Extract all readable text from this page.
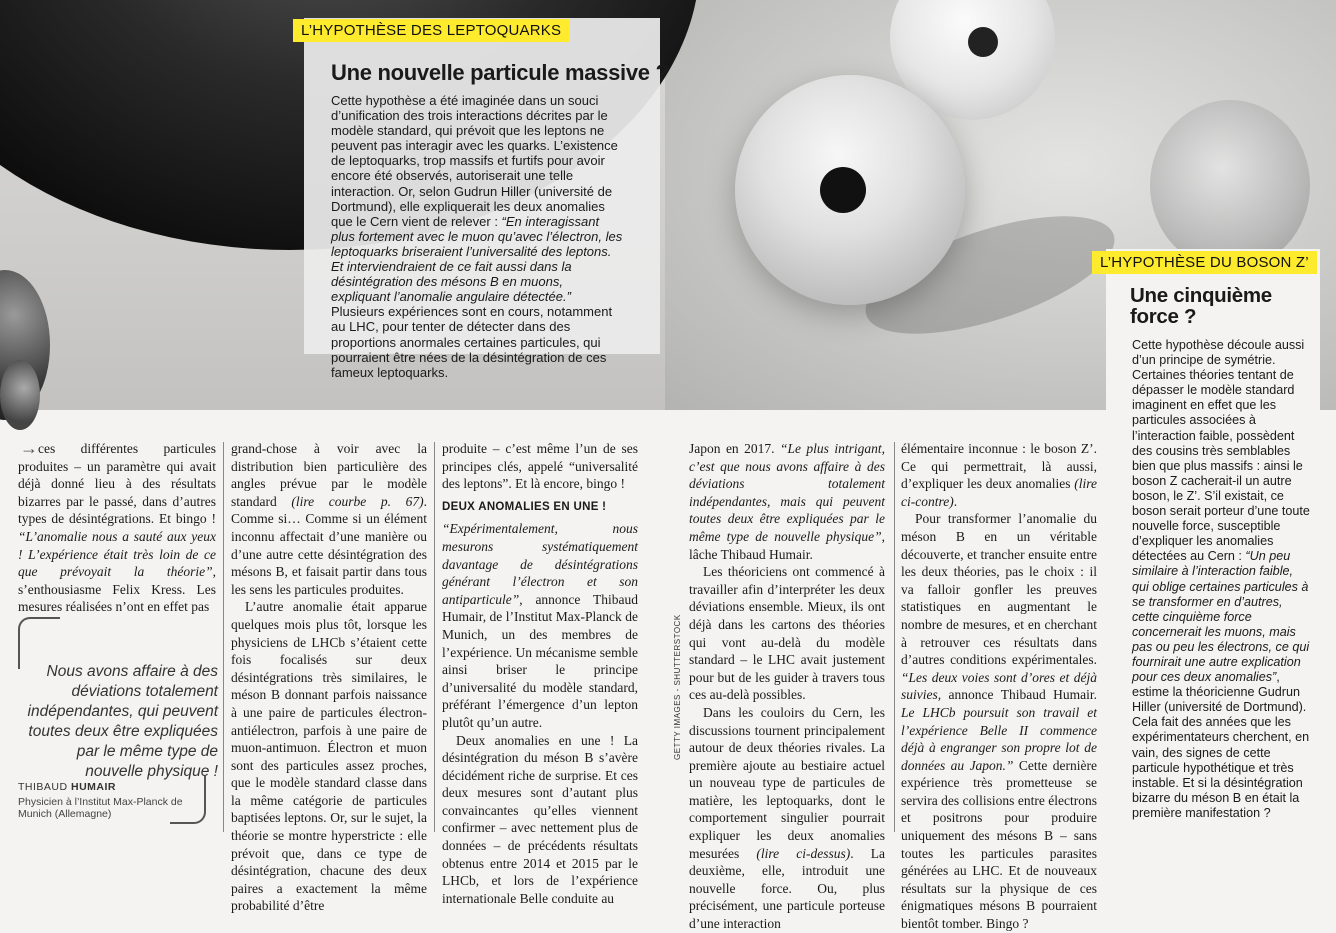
L’HYPOTHÈSE DES LEPTOQUARKS
Une nouvelle particule massive ?

Cette hypothèse a été imaginée dans un souci d’unification des trois interactions décrites par le modèle standard, qui prévoit que les leptons ne peuvent pas interagir avec les quarks. L’existence de leptoquarks, trop massifs et furtifs pour avoir encore été observés, autoriserait une telle interaction. Or, selon Gudrun Hiller (université de Dortmund), elle expliquerait les deux anomalies que le Cern vient de relever : “En interagissant plus fortement avec le muon qu’avec l’électron, les leptoquarks briseraient l’universalité des leptons. Et interviendraient de ce fait aussi dans la désintégration des mésons B en muons, expliquant l’anomalie angulaire détectée.” Plusieurs expériences sont en cours, notamment au LHC, pour tenter de détecter dans des proportions anormales certaines particules, qui pourraient être nées de la désintégration de ces fameux leptoquarks.

L’HYPOTHÈSE DU BOSON Z’
Une cinquième force ?
Cette hypothèse découle aussi d’un principe de symétrie. Certaines théories tentant de dépasser le modèle standard imaginent en effet que les particules associées à l’interaction faible, possèdent des cousins très semblables bien que plus massifs : ainsi le boson Z cacherait-il un autre boson, le Z’. S’il existait, ce boson serait porteur d’une toute nouvelle force, susceptible d’expliquer les anomalies détectées au Cern : “Un peu similaire à l’interaction faible, qui oblige certaines particules à se transformer en d’autres, cette cinquième force concernerait les muons, mais pas ou peu les électrons, ce qui fournirait une autre explication pour ces deux anomalies”, estime la théoricienne Gudrun Hiller (université de Dortmund). Cela fait des années que les expérimentateurs cherchent, en vain, des signes de cette particule hypothétique et très instable. Et si la désintégration bizarre du méson B en était la première manifestation ?
→ ces différentes particules produites – un paramètre qui avait déjà donné lieu à des résultats bizarres par le passé, dans d’autres types de désintégrations. Et bingo ! “L’anomalie nous a sauté aux yeux ! L’expérience était très loin de ce que prévoyait la théorie”, s’enthousiasme Felix Kress. Les mesures réalisées n’ont en effet pas

Nous avons affaire à des déviations totalement indépendantes, qui peuvent toutes deux être expliquées par le même type de nouvelle physique !
THIBAUD HUMAIR
Physicien à l’Institut Max-Planck de Munich (Allemagne)

grand-chose à voir avec la distribution bien particulière des angles prévue par le modèle standard (lire courbe p. 67). Comme si… Comme si un élément inconnu affectait d’une manière ou d’une autre cette désintégration des mésons B, et faisait partir dans tous les sens les particules produites.

L’autre anomalie était apparue quelques mois plus tôt, lorsque les physiciens de LHCb s’étaient cette fois focalisés sur deux désintégrations très similaires, le méson B donnant parfois naissance à une paire de particules électron-antiélectron, parfois à une paire de muon-antimuon. Électron et muon sont des particules assez proches, que le modèle standard classe dans la même catégorie de particules baptisées leptons. Or, sur le sujet, la théorie se montre hyperstricte : elle prévoit que, dans ce type de désintégration, chacune des deux paires a exactement la même probabilité d’être

produite – c’est même l’un de ses principes clés, appelé “universalité des leptons”. Et là encore, bingo !

DEUX ANOMALIES EN UNE !

“Expérimentalement, nous mesurons systématiquement davantage de désintégrations générant l’électron et son antiparticule”, annonce Thibaud Humair, de l’Institut Max-Planck de Munich, un des membres de l’expérience. Un mécanisme semble ainsi briser le principe d’universalité du modèle standard, préférant l’émergence d’un lepton plutôt qu’un autre.

Deux anomalies en une ! La désintégration du méson B s’avère décidément riche de surprise. Et ces deux mesures sont d’autant plus convaincantes qu’elles viennent confirmer – avec nettement plus de données – de précédents résultats obtenus entre 2014 et 2015 par le LHCb, et lors de l’expérience internationale Belle conduite au

GETTY IMAGES - SHUTTERSTOCK

Japon en 2017. “Le plus intrigant, c’est que nous avons affaire à des déviations totalement indépendantes, mais qui peuvent toutes deux être expliquées par le même type de nouvelle physique”, lâche Thibaud Humair.

Les théoriciens ont commencé à travailler afin d’interpréter les deux déviations ensemble. Mieux, ils ont déjà dans les cartons des théories qui vont au-delà du modèle standard – le LHC avait justement pour but de les guider à travers tous ces au-delà possibles.

Dans les couloirs du Cern, les discussions tournent principalement autour de deux théories rivales. La première ajoute au bestiaire actuel un nouveau type de particules de matière, les leptoquarks, dont le comportement singulier pourrait expliquer les deux anomalies mesurées (lire ci-dessus). La deuxième, elle, introduit une nouvelle force. Ou, plus précisément, une particule porteuse d’une interaction

élémentaire inconnue : le boson Z’. Ce qui permettrait, là aussi, d’expliquer les deux anomalies (lire ci-contre).

Pour transformer l’anomalie du méson B en un véritable découverte, et trancher ensuite entre les deux théories, pas le choix : il va falloir gonfler les preuves statistiques en augmentant le nombre de mesures, et en cherchant à retrouver ces résultats dans d’autres conditions expérimentales. “Les deux voies sont d’ores et déjà suivies, annonce Thibaud Humair. Le LHCb poursuit son travail et l’expérience Belle II commence déjà à engranger son propre lot de données au Japon.” Cette dernière expérience très prometteuse se servira des collisions entre électrons et positrons pour produire uniquement des mésons B – sans toutes les particules parasites générées au LHC. Et de nouveaux résultats sur la physique de ces énigmatiques mésons B pourraient bientôt tomber. Bingo ?
